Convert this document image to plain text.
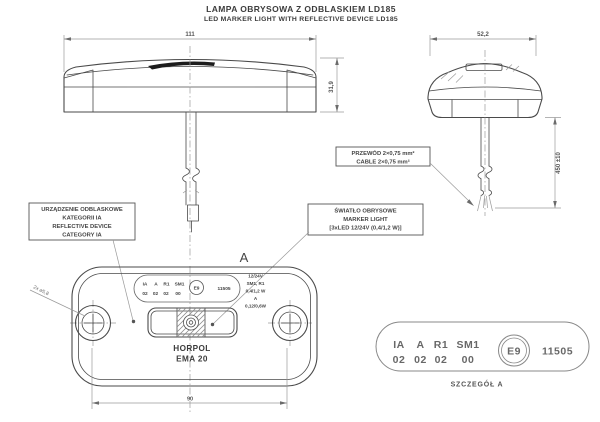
LAMPA OBRYSOWA Z ODBLASKIEM LD185
LED MARKER LIGHT WITH REFLECTIVE DEVICE LD185
111
31,9
52,2
450 ±10
PRZEWÓD 2×0,75 mm²
CABLE 2×0,75 mm²
URZĄDZENIE ODBLASKOWE
KATEGORII IA
REFLECTIVE DEVICE
CATEGORY IA
ŚWIATŁO OBRYSOWE
MARKER LIGHT
[3xLED 12/24V (0,4/1,2 W)]
IA A R1 SM1
02 02 02 00
E9	11505
12/24V
SM1, R1
0,4/1,2 W
A
0,12/0,6W
HORPOL
EMA 20
A
2x ⌀5,8
90
IA A R1 SM1
02 02 02 00
E9 11505
SZCZEGÓŁ A
